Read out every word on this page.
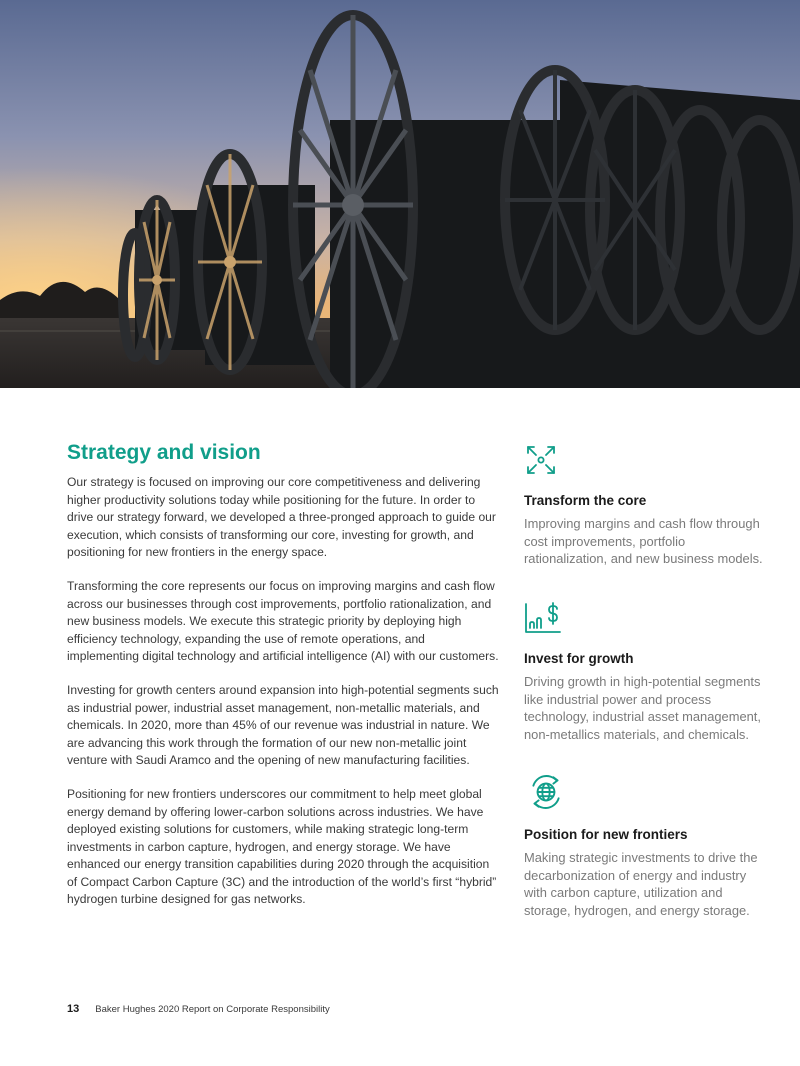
Strategy and vision

Our strategy is focused on improving our core competitiveness and delivering higher productivity solutions today while positioning for the future. In order to drive our strategy forward, we developed a three-pronged approach to guide our execution, which consists of transforming our core, investing for growth, and positioning for new frontiers in the energy space.

Transforming the core represents our focus on improving margins and cash flow across our businesses through cost improvements, portfolio rationalization, and new business models. We execute this strategic priority by deploying high efficiency technology, expanding the use of remote operations, and implementing digital technology and artificial intelligence (AI) with our customers.

Investing for growth centers around expansion into high-potential segments such as industrial power, industrial asset management, non-metallic materials, and chemicals. In 2020, more than 45% of our revenue was industrial in nature. We are advancing this work through the formation of our new non-metallic joint venture with Saudi Aramco and the opening of new manufacturing facilities.

Positioning for new frontiers underscores our commitment to help meet global energy demand by offering lower-carbon solutions across industries. We have deployed existing solutions for customers, while making strategic long-term investments in carbon capture, hydrogen, and energy storage. We have enhanced our energy transition capabilities during 2020 through the acquisition of Compact Carbon Capture (3C) and the introduction of the world’s first “hybrid” hydrogen turbine designed for gas networks.

Transform the core
Improving margins and cash flow through cost improvements, portfolio rationalization, and new business models.
Invest for growth
Driving growth in high-potential segments like industrial power and process technology, industrial asset management, non-metallics materials, and chemicals.
Position for new frontiers
Making strategic investments to drive the decarbonization of energy and industry with carbon capture, utilization and storage, hydrogen, and energy storage.
13 Baker Hughes 2020 Report on Corporate Responsibility
